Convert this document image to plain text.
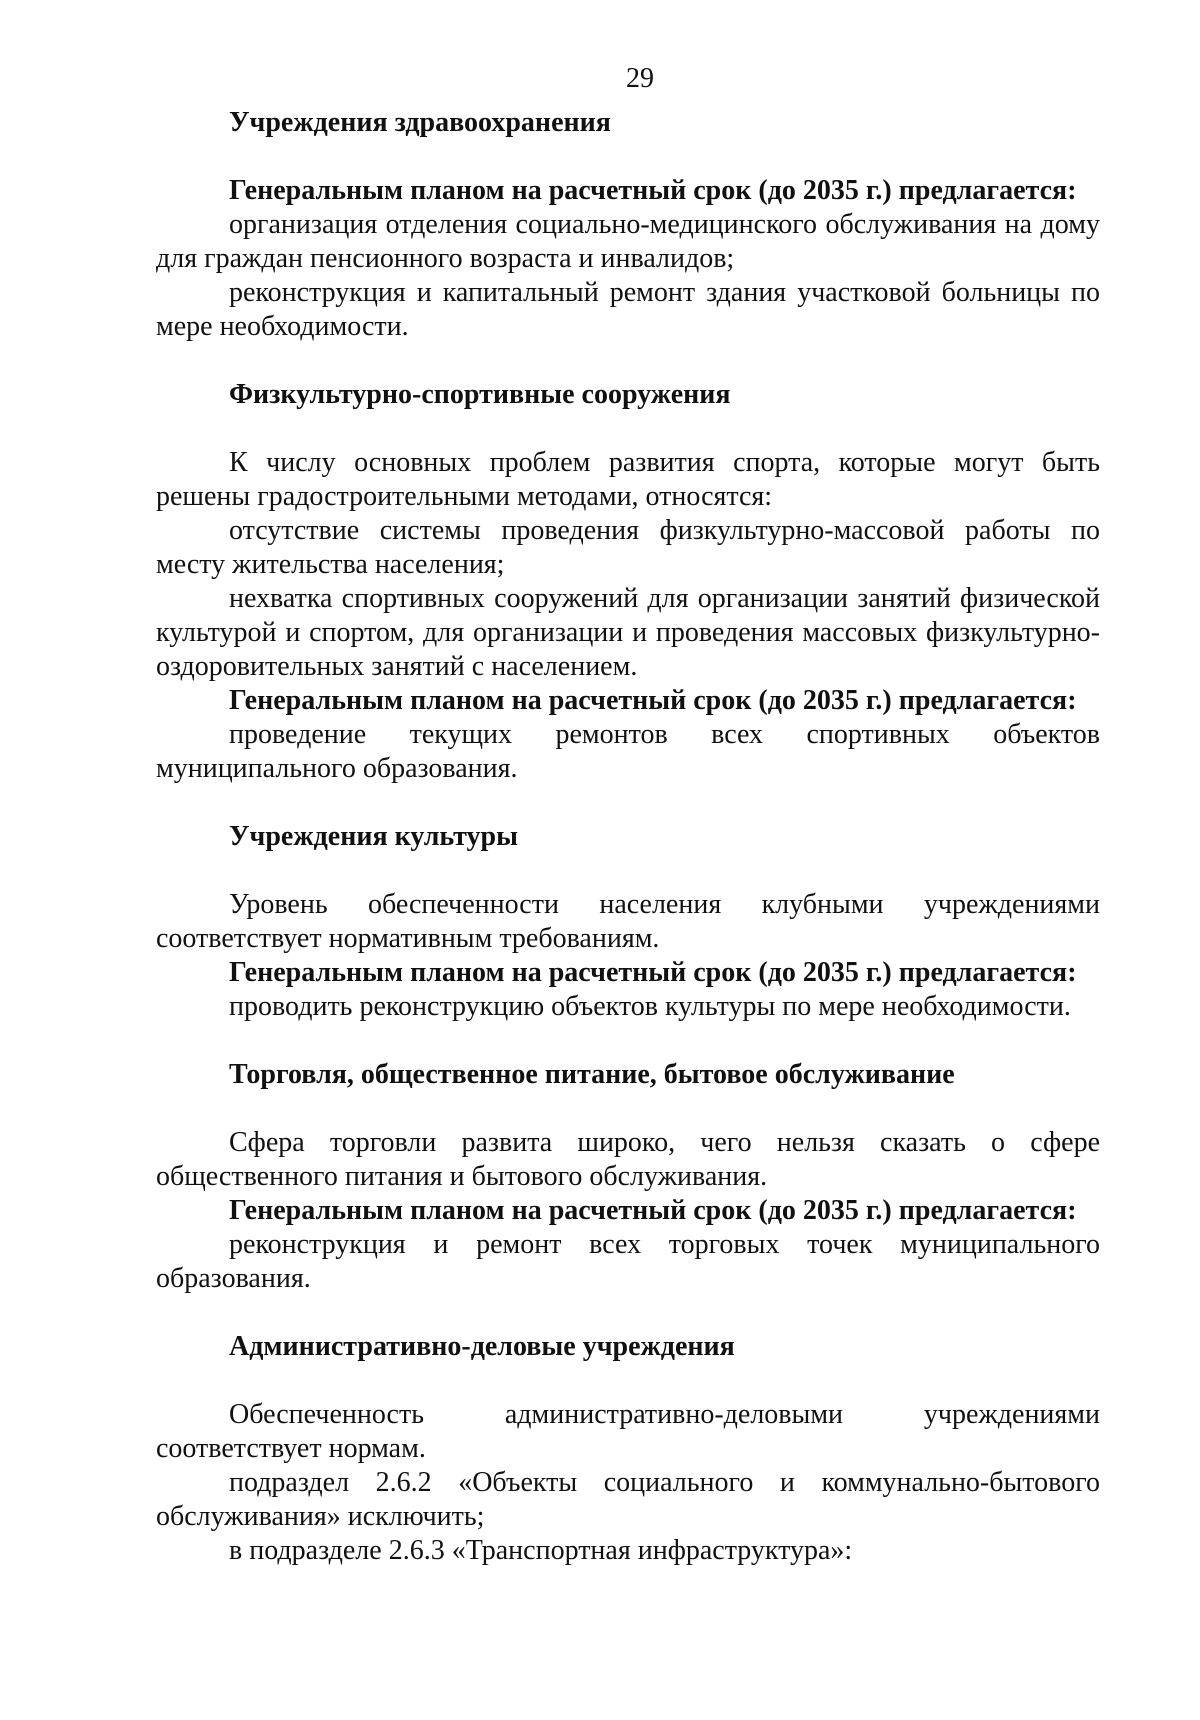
29
Учреждения здравоохранения
Генеральным планом на расчетный срок (до 2035 г.) предлагается:

организация отделения социально-медицинского обслуживания на дому для граждан пенсионного возраста и инвалидов;

реконструкция и капитальный ремонт здания участковой больницы по мере необходимости.

Физкультурно-спортивные сооружения

К числу основных проблем развития спорта, которые могут быть решены градостроительными методами, относятся:

отсутствие системы проведения физкультурно-массовой работы по месту жительства населения;

нехватка спортивных сооружений для организации занятий физической культурой и спортом, для организации и проведения массовых физкультурно-оздоровительных занятий с населением.

Генеральным планом на расчетный срок (до 2035 г.) предлагается:

проведение текущих ремонтов всех спортивных объектов муниципального образования.

Учреждения культуры

Уровень обеспеченности населения клубными учреждениями соответствует нормативным требованиям.

Генеральным планом на расчетный срок (до 2035 г.) предлагается:

проводить реконструкцию объектов культуры по мере необходимости.

Торговля, общественное питание, бытовое обслуживание

Сфера торговли развита широко, чего нельзя сказать о сфере общественного питания и бытового обслуживания.

Генеральным планом на расчетный срок (до 2035 г.) предлагается:

реконструкция и ремонт всех торговых точек муниципального образования.

Административно-деловые учреждения

Обеспеченность административно-деловыми учреждениями соответствует нормам.

подраздел 2.6.2 «Объекты социального и коммунально-бытового обслуживания» исключить;

в подразделе 2.6.3 «Транспортная инфраструктура»:
